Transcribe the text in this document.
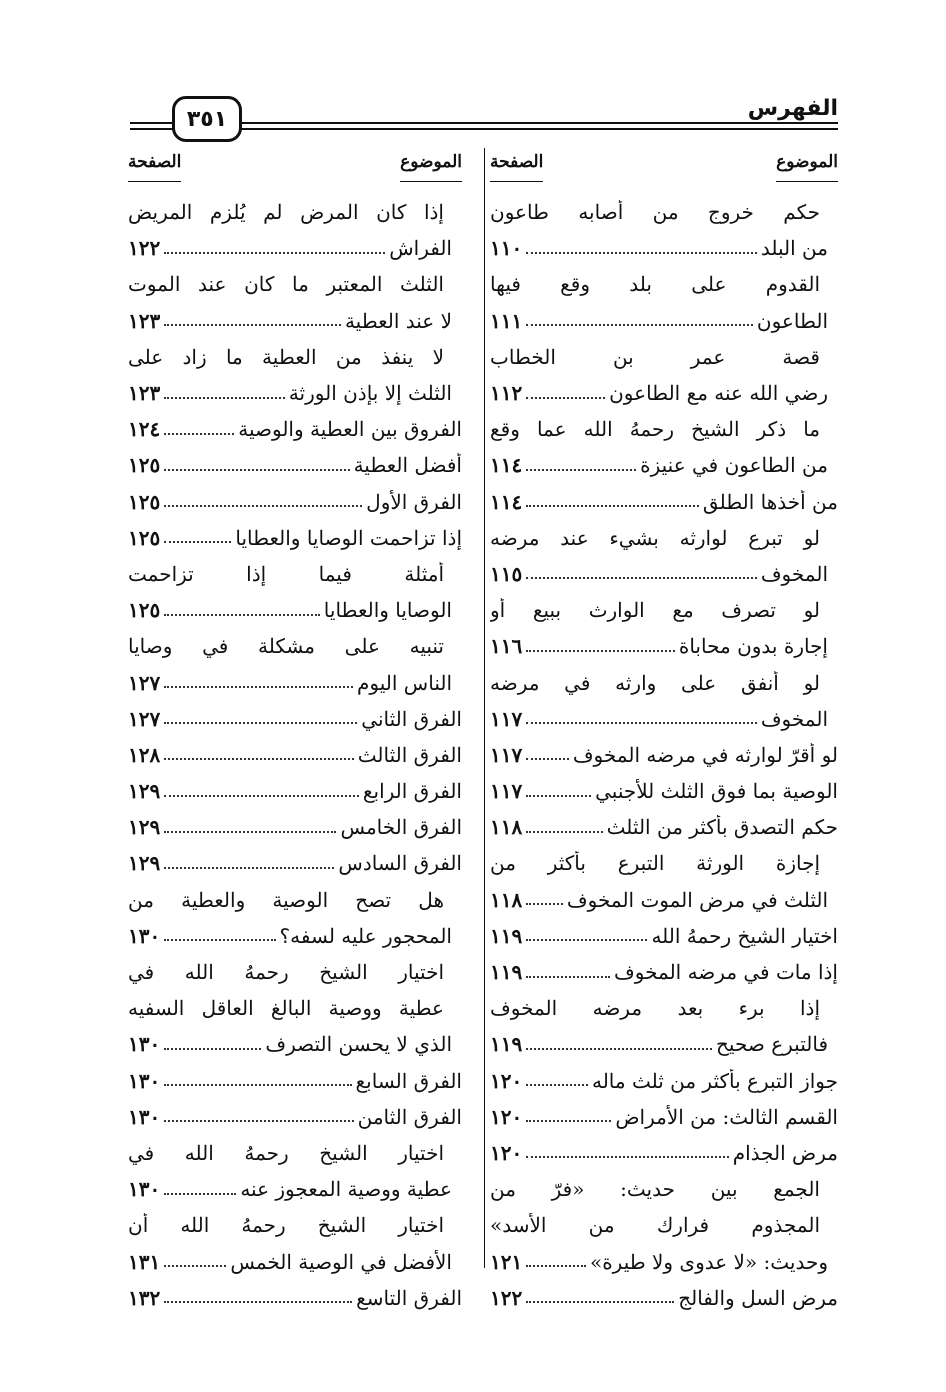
الفهرس
٣٥١
الموضوع
الصفحة
حكم خروج من أصابه طاعون
من البلد
١١٠
القدوم على بلد وقع فيها
الطاعون
١١١
قصة عمر بن الخطاب
رضي الله عنه مع الطاعون
١١٢
ما ذكر الشيخ رحمهُ الله عما وقع
من الطاعون في عنيزة
١١٤
من أخذها الطلق
١١٤
لو تبرع لوارثه بشيء عند مرضه
المخوف
١١٥
لو تصرف مع الوارث ببيع أو
إجارة بدون محاباة
١١٦
لو أنفق على وارثه في مرضه
المخوف
١١٧
لو أقرّ لوارثه في مرضه المخوف
١١٧
الوصية بما فوق الثلث للأجنبي
١١٧
حكم التصدق بأكثر من الثلث
١١٨
إجازة الورثة التبرع بأكثر من
الثلث في مرض الموت المخوف
١١٨
اختيار الشيخ رحمهُ الله
١١٩
إذا مات في مرضه المخوف
١١٩
إذا برء بعد مرضه المخوف
فالتبرع صحيح
١١٩
جواز التبرع بأكثر من ثلث ماله
١٢٠
القسم الثالث: من الأمراض
١٢٠
مرض الجذام
١٢٠
الجمع بين حديث: «فرّ من
المجذوم فرارك من الأسد»
وحديث: «لا عدوى ولا طيرة»
١٢١
مرض السل والفالج
١٢٢
الموضوع
الصفحة
إذا كان المرض لم يُلزم المريض
الفراش
١٢٢
الثلث المعتبر ما كان عند الموت
لا عند العطية
١٢٣
لا ينفذ من العطية ما زاد على
الثلث إلا بإذن الورثة
١٢٣
الفروق بين العطية والوصية
١٢٤
أفضل العطية
١٢٥
الفرق الأول
١٢٥
إذا تزاحمت الوصايا والعطايا
١٢٥
أمثلة فيما إذا تزاحمت
الوصايا والعطايا
١٢٥
تنبيه على مشكلة في وصايا
الناس اليوم
١٢٧
الفرق الثاني
١٢٧
الفرق الثالث
١٢٨
الفرق الرابع
١٢٩
الفرق الخامس
١٢٩
الفرق السادس
١٢٩
هل تصح الوصية والعطية من
المحجور عليه لسفه؟
١٣٠
اختيار الشيخ رحمهُ الله في
عطية ووصية البالغ العاقل السفيه
الذي لا يحسن التصرف
١٣٠
الفرق السابع
١٣٠
الفرق الثامن
١٣٠
اختيار الشيخ رحمهُ الله في
عطية ووصية المعجوز عنه
١٣٠
اختيار الشيخ رحمهُ الله أن
الأفضل في الوصية الخمس
١٣١
الفرق التاسع
١٣٢
